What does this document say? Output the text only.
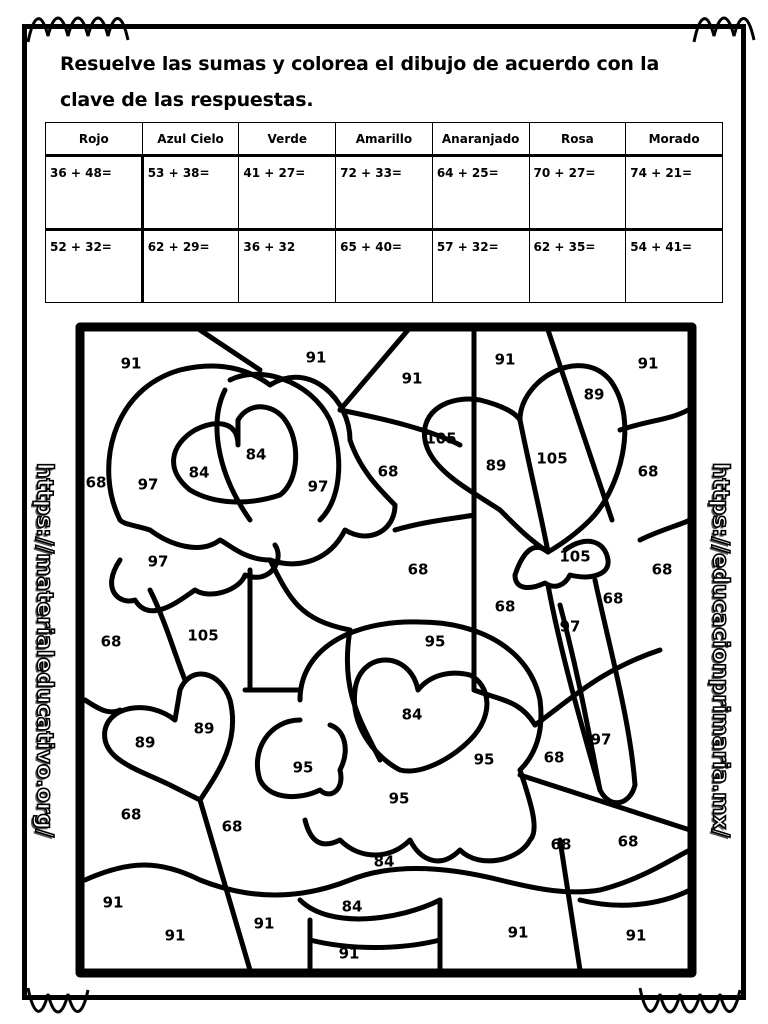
Resuelve las sumas y colorea el dibujo de acuerdo con la clave de las respuestas.
Rojo	Azul Cielo	Verde	Amarillo	Anaranjado	Rosa	Morado
36 + 48=	53 + 38=	41 + 27=	72 + 33=	64 + 25=	70 + 27=	74 + 21=
52 + 32=	62 + 29=	36 + 32	65 + 40=	57 + 32=	62 + 35=	54 + 41=
91	91
91
91	91
89
105
84
84
97	97
68
89 105
68	68
97	68
68
105
105
68
97
95
68
84
89
89
95
95
97
68
68
95
68
68
84
68	68
91	84
91
91
91
91	91
https://materialeducativo.org/	https://educacionprimaria.mx/
